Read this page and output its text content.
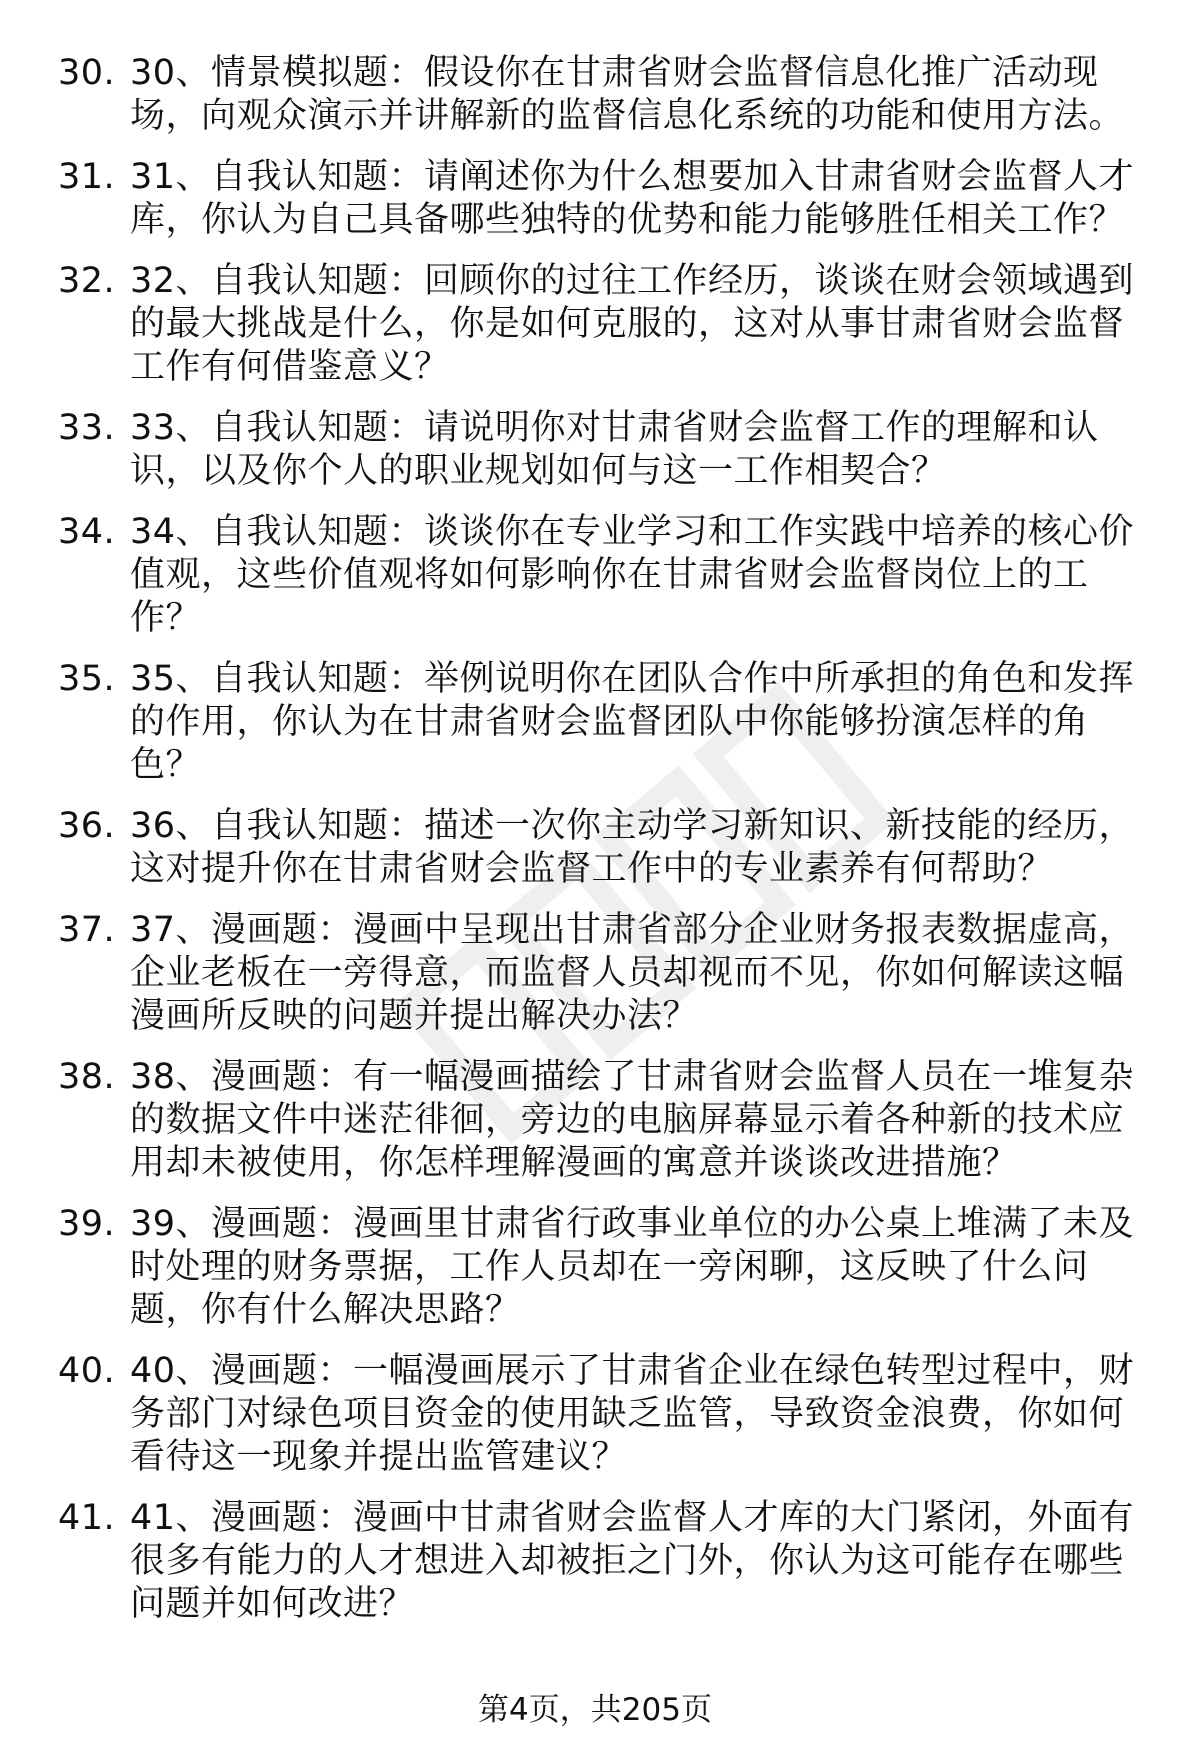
30. 30、情景模拟题：假设你在甘肃省财会监督信息化推广活动现场，向观众演示并讲解新的监督信息化系统的功能和使用方法。
31. 31、自我认知题：请阐述你为什么想要加入甘肃省财会监督人才库，你认为自己具备哪些独特的优势和能力能够胜任相关工作？
32. 32、自我认知题：回顾你的过往工作经历，谈谈在财会领域遇到的最大挑战是什么，你是如何克服的，这对从事甘肃省财会监督工作有何借鉴意义？
33. 33、自我认知题：请说明你对甘肃省财会监督工作的理解和认识，以及你个人的职业规划如何与这一工作相契合？
34. 34、自我认知题：谈谈你在专业学习和工作实践中培养的核心价值观，这些价值观将如何影响你在甘肃省财会监督岗位上的工作？
35. 35、自我认知题：举例说明你在团队合作中所承担的角色和发挥的作用，你认为在甘肃省财会监督团队中你能够扮演怎样的角色？
36. 36、自我认知题：描述一次你主动学习新知识、新技能的经历，这对提升你在甘肃省财会监督工作中的专业素养有何帮助？
37. 37、漫画题：漫画中呈现出甘肃省部分企业财务报表数据虚高，企业老板在一旁得意，而监督人员却视而不见，你如何解读这幅漫画所反映的问题并提出解决办法？
38. 38、漫画题：有一幅漫画描绘了甘肃省财会监督人员在一堆复杂的数据文件中迷茫徘徊，旁边的电脑屏幕显示着各种新的技术应用却未被使用，你怎样理解漫画的寓意并谈谈改进措施？
39. 39、漫画题：漫画里甘肃省行政事业单位的办公桌上堆满了未及时处理的财务票据，工作人员却在一旁闲聊，这反映了什么问题，你有什么解决思路？
40. 40、漫画题：一幅漫画展示了甘肃省企业在绿色转型过程中，财务部门对绿色项目资金的使用缺乏监管，导致资金浪费，你如何看待这一现象并提出监管建议？
41. 41、漫画题：漫画中甘肃省财会监督人才库的大门紧闭，外面有很多有能力的人才想进入却被拒之门外，你认为这可能存在哪些问题并如何改进？
第4页，共205页
